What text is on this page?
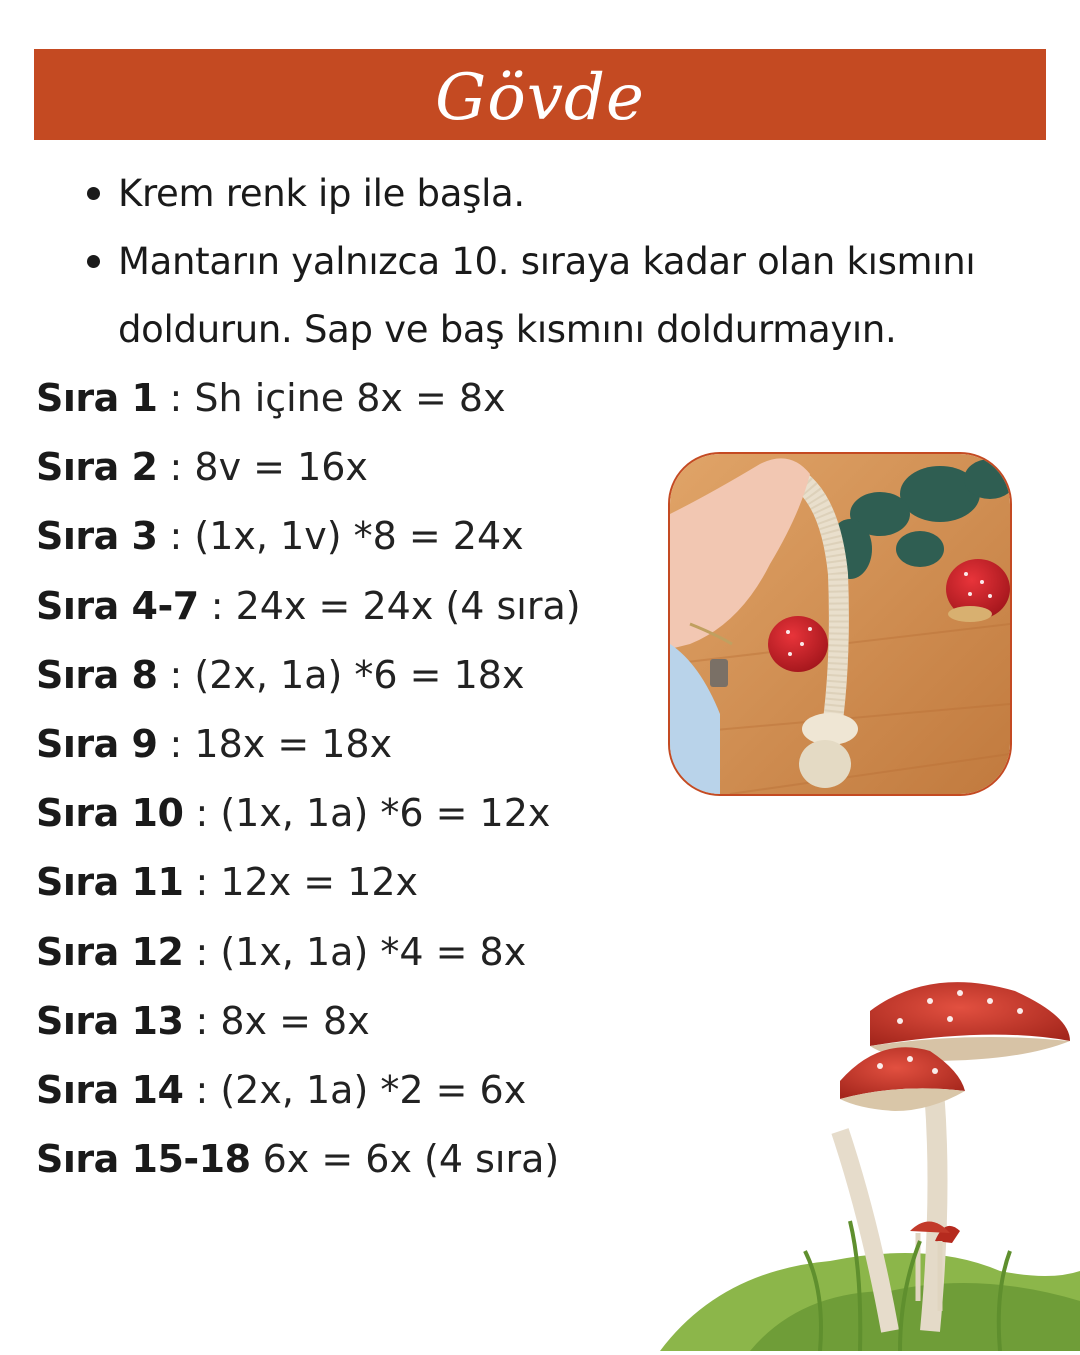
Gövde
Krem renk ip ile başla.
Mantarın yalnızca 10. sıraya kadar olan kısmını doldurun. Sap ve baş kısmını doldurmayın.
Sıra 1 : Sh içine 8x = 8x
Sıra 2 : 8v = 16x
Sıra 3 : (1x, 1v) *8 = 24x
Sıra 4-7 : 24x = 24x (4 sıra)
Sıra 8 : (2x, 1a) *6 = 18x
Sıra 9 : 18x = 18x
Sıra 10 : (1x, 1a) *6 = 12x
Sıra 11 : 12x = 12x
Sıra 12 : (1x, 1a) *4 = 8x
Sıra 13 : 8x = 8x
Sıra 14 : (2x, 1a) *2 = 6x
Sıra 15-18 6x = 6x (4 sıra)
